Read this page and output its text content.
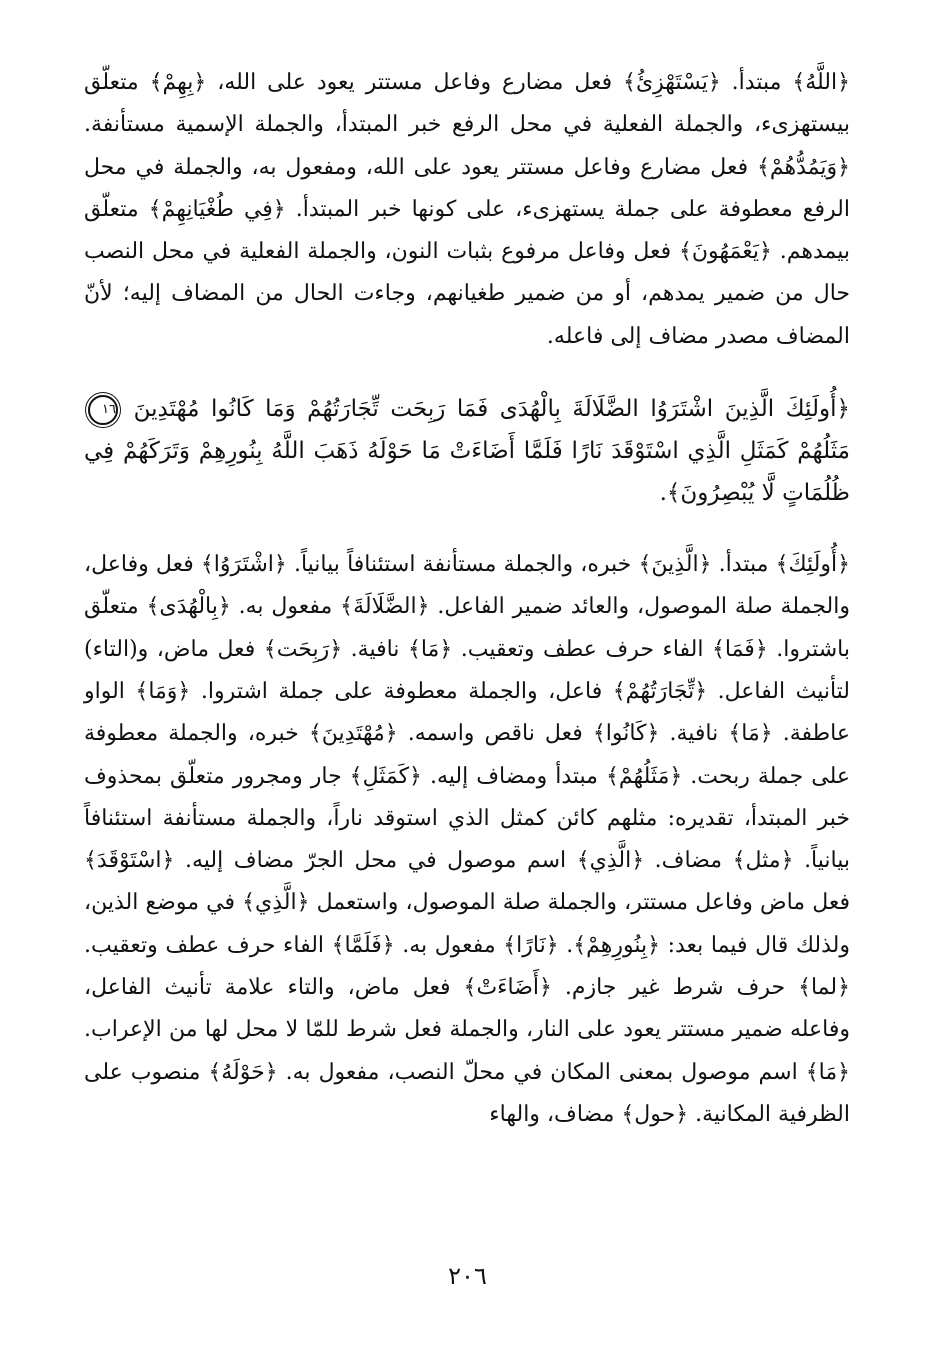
﴿اللَّهُ﴾ مبتدأ. ﴿يَسْتَهْزِئُ﴾ فعل مضارع وفاعل مستتر يعود على الله، ﴿بِهِمْ﴾ متعلّق بيستهزىء، والجملة الفعلية في محل الرفع خبر المبتدأ، والجملة الإسمية مستأنفة. ﴿وَيَمُدُّهُمْ﴾ فعل مضارع وفاعل مستتر يعود على الله، ومفعول به، والجملة في محل الرفع معطوفة على جملة يستهزىء، على كونها خبر المبتدأ. ﴿فِي طُغْيَانِهِمْ﴾ متعلّق بيمدهم. ﴿يَعْمَهُونَ﴾ فعل وفاعل مرفوع بثبات النون، والجملة الفعلية في محل النصب حال من ضمير يمدهم، أو من ضمير طغيانهم، وجاءت الحال من المضاف إليه؛ لأنّ المضاف مصدر مضاف إلى فاعله.

﴿أُولَئِكَ الَّذِينَ اشْتَرَوُا الضَّلَالَةَ بِالْهُدَى فَمَا رَبِحَت تِّجَارَتُهُمْ وَمَا كَانُوا مُهْتَدِينَ ١٦ مَثَلُهُمْ كَمَثَلِ الَّذِي اسْتَوْقَدَ نَارًا فَلَمَّا أَضَاءَتْ مَا حَوْلَهُ ذَهَبَ اللَّهُ بِنُورِهِمْ وَتَرَكَهُمْ فِي ظُلُمَاتٍ لَّا يُبْصِرُونَ﴾.

﴿أُولَئِكَ﴾ مبتدأ. ﴿الَّذِينَ﴾ خبره، والجملة مستأنفة استئنافاً بيانياً. ﴿اشْتَرَوُا﴾ فعل وفاعل، والجملة صلة الموصول، والعائد ضمير الفاعل. ﴿الضَّلَالَةَ﴾ مفعول به. ﴿بِالْهُدَى﴾ متعلّق باشتروا. ﴿فَمَا﴾ الفاء حرف عطف وتعقيب. ﴿مَا﴾ نافية. ﴿رَبِحَت﴾ فعل ماض، و(التاء) لتأنيث الفاعل. ﴿تِّجَارَتُهُمْ﴾ فاعل، والجملة معطوفة على جملة اشتروا. ﴿وَمَا﴾ الواو عاطفة. ﴿مَا﴾ نافية. ﴿كَانُوا﴾ فعل ناقص واسمه. ﴿مُهْتَدِينَ﴾ خبره، والجملة معطوفة على جملة ربحت. ﴿مَثَلُهُمْ﴾ مبتدأ ومضاف إليه. ﴿كَمَثَلِ﴾ جار ومجرور متعلّق بمحذوف خبر المبتدأ، تقديره: مثلهم كائن كمثل الذي استوقد ناراً، والجملة مستأنفة استئنافاً بيانياً. ﴿مثل﴾ مضاف. ﴿الَّذِي﴾ اسم موصول في محل الجرّ مضاف إليه. ﴿اسْتَوْقَدَ﴾ فعل ماض وفاعل مستتر، والجملة صلة الموصول، واستعمل ﴿الَّذِي﴾ في موضع الذين، ولذلك قال فيما بعد: ﴿بِنُورِهِمْ﴾. ﴿نَارًا﴾ مفعول به. ﴿فَلَمَّا﴾ الفاء حرف عطف وتعقيب. ﴿لما﴾ حرف شرط غير جازم. ﴿أَضَاءَتْ﴾ فعل ماض، والتاء علامة تأنيث الفاعل، وفاعله ضمير مستتر يعود على النار، والجملة فعل شرط للمّا لا محل لها من الإعراب. ﴿مَا﴾ اسم موصول بمعنى المكان في محلّ النصب، مفعول به. ﴿حَوْلَهُ﴾ منصوب على الظرفية المكانية. ﴿حول﴾ مضاف، والهاء

٢٠٦
